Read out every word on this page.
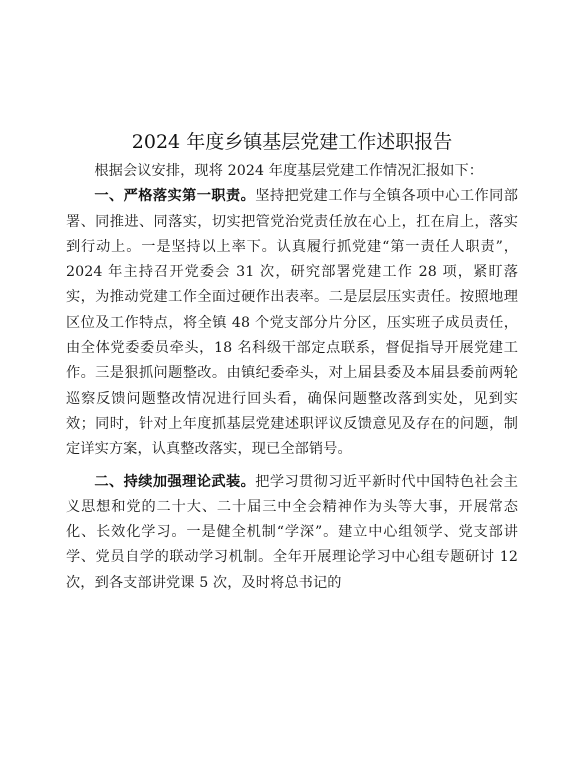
2024 年度乡镇基层党建工作述职报告

根据会议安排，现将 2024 年度基层党建工作情况汇报如下：

一、严格落实第一职责。坚持把党建工作与全镇各项中心工作同部署、同推进、同落实，切实把管党治党责任放在心上，扛在肩上，落实到行动上。一是坚持以上率下。认真履行抓党建“第一责任人职责”，2024 年主持召开党委会 31 次，研究部署党建工作 28 项，紧盯落实，为推动党建工作全面过硬作出表率。二是层层压实责任。按照地理区位及工作特点，将全镇 48 个党支部分片分区，压实班子成员责任，由全体党委委员牵头，18 名科级干部定点联系，督促指导开展党建工作。三是狠抓问题整改。由镇纪委牵头，对上届县委及本届县委前两轮巡察反馈问题整改情况进行回头看，确保问题整改落到实处，见到实效；同时，针对上年度抓基层党建述职评议反馈意见及存在的问题，制定详实方案，认真整改落实，现已全部销号。

二、持续加强理论武装。把学习贯彻习近平新时代中国特色社会主义思想和党的二十大、二十届三中全会精神作为头等大事，开展常态化、长效化学习。一是健全机制“学深”。建立中心组领学、党支部讲学、党员自学的联动学习机制。全年开展理论学习中心组专题研讨 12 次，到各支部讲党课 5 次，及时将总书记的
